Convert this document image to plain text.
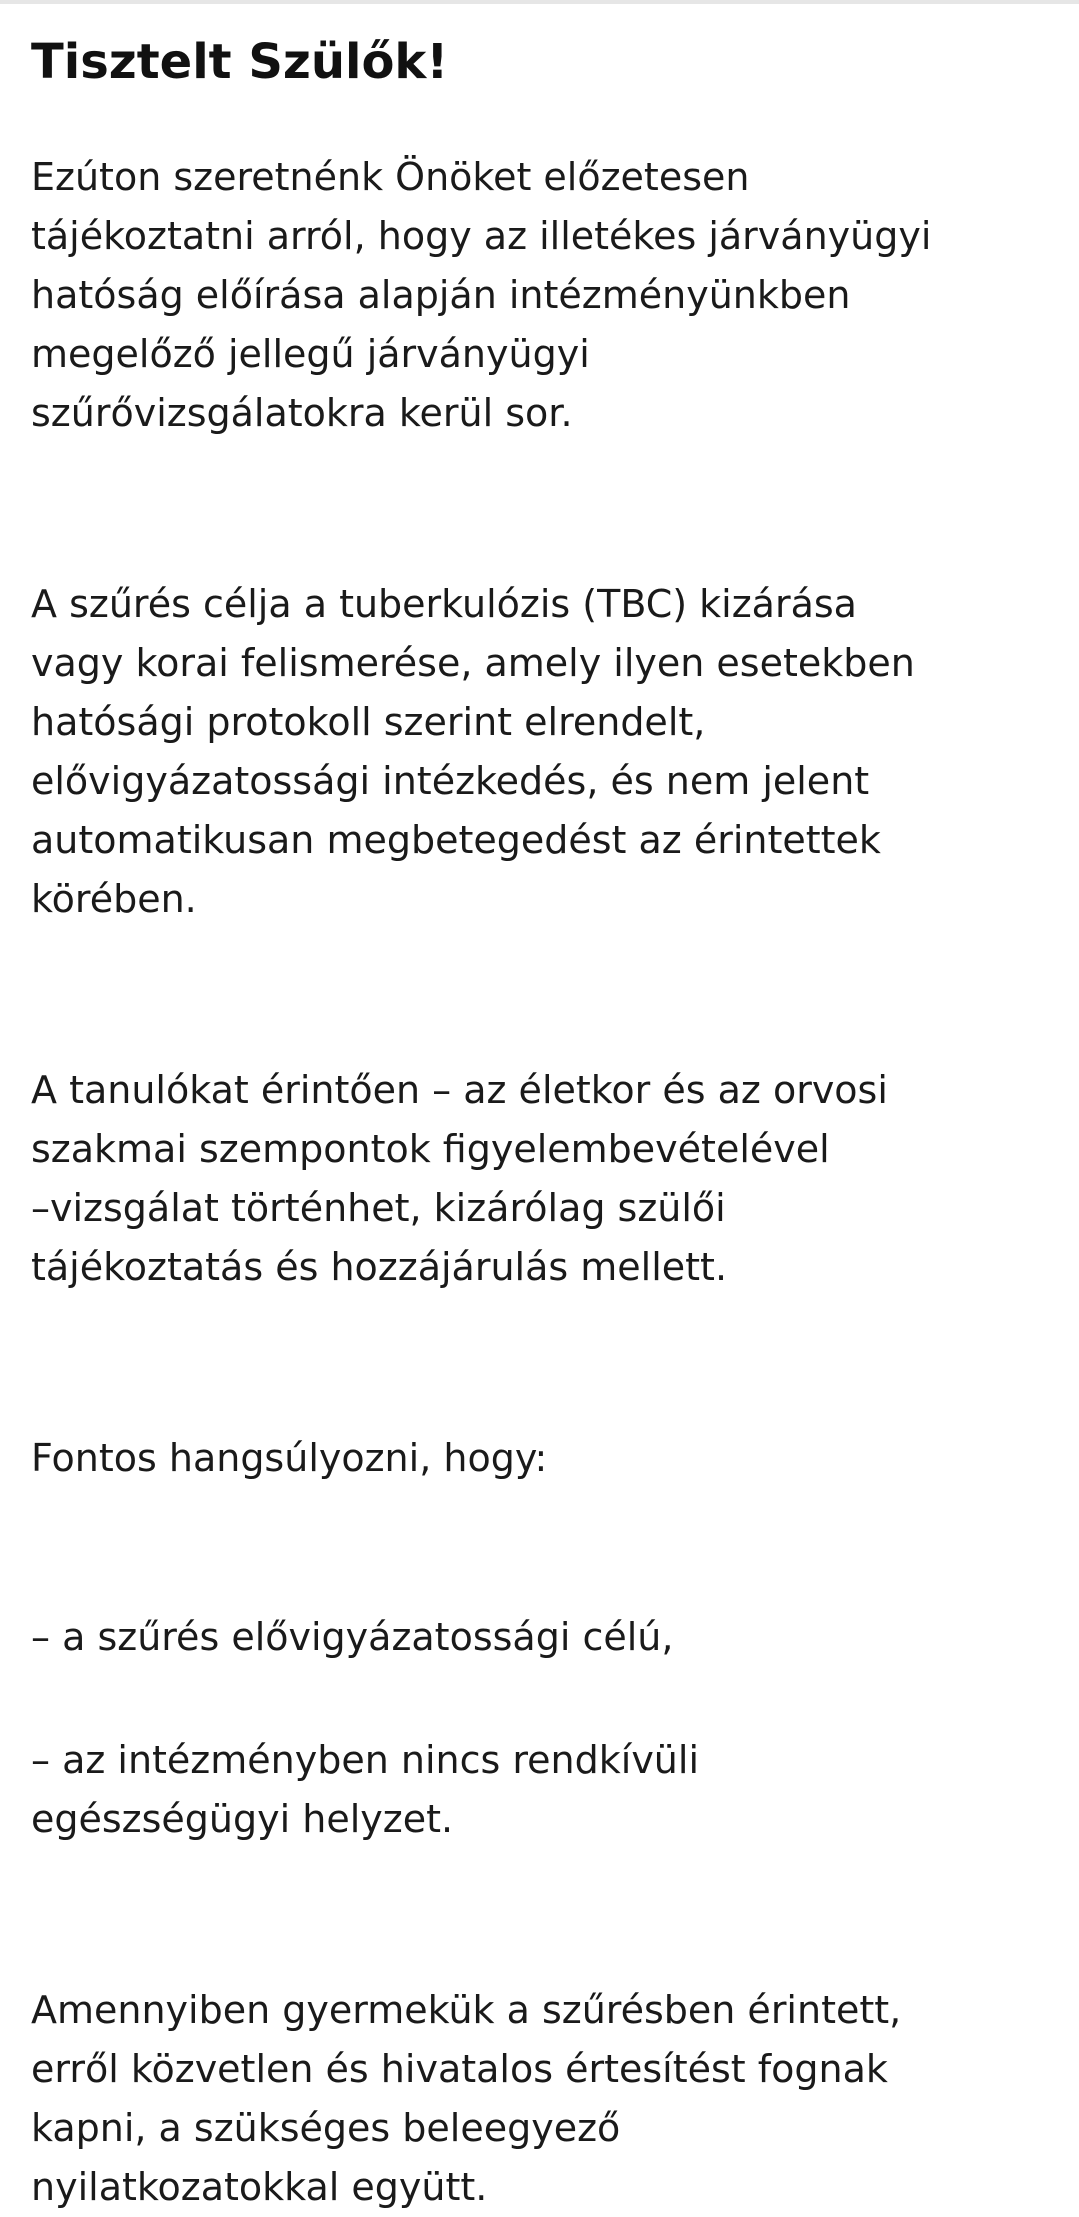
Tisztelt Szülők!

Ezúton szeretnénk Önöket előzetesen
tájékoztatni arról, hogy az illetékes járványügyi
hatóság előírása alapján intézményünkben
megelőző jellegű járványügyi
szűrővizsgálatokra kerül sor.

A szűrés célja a tuberkulózis (TBC) kizárása
vagy korai felismerése, amely ilyen esetekben
hatósági protokoll szerint elrendelt,
elővigyázatossági intézkedés, és nem jelent
automatikusan megbetegedést az érintettek
körében.

A tanulókat érintően – az életkor és az orvosi
szakmai szempontok figyelembevételével
–vizsgálat történhet, kizárólag szülői
tájékoztatás és hozzájárulás mellett.

Fontos hangsúlyozni, hogy:

– a szűrés elővigyázatossági célú,

– az intézményben nincs rendkívüli
egészségügyi helyzet.

Amennyiben gyermekük a szűrésben érintett,
erről közvetlen és hivatalos értesítést fognak
kapni, a szükséges beleegyező
nyilatkozatokkal együtt.
